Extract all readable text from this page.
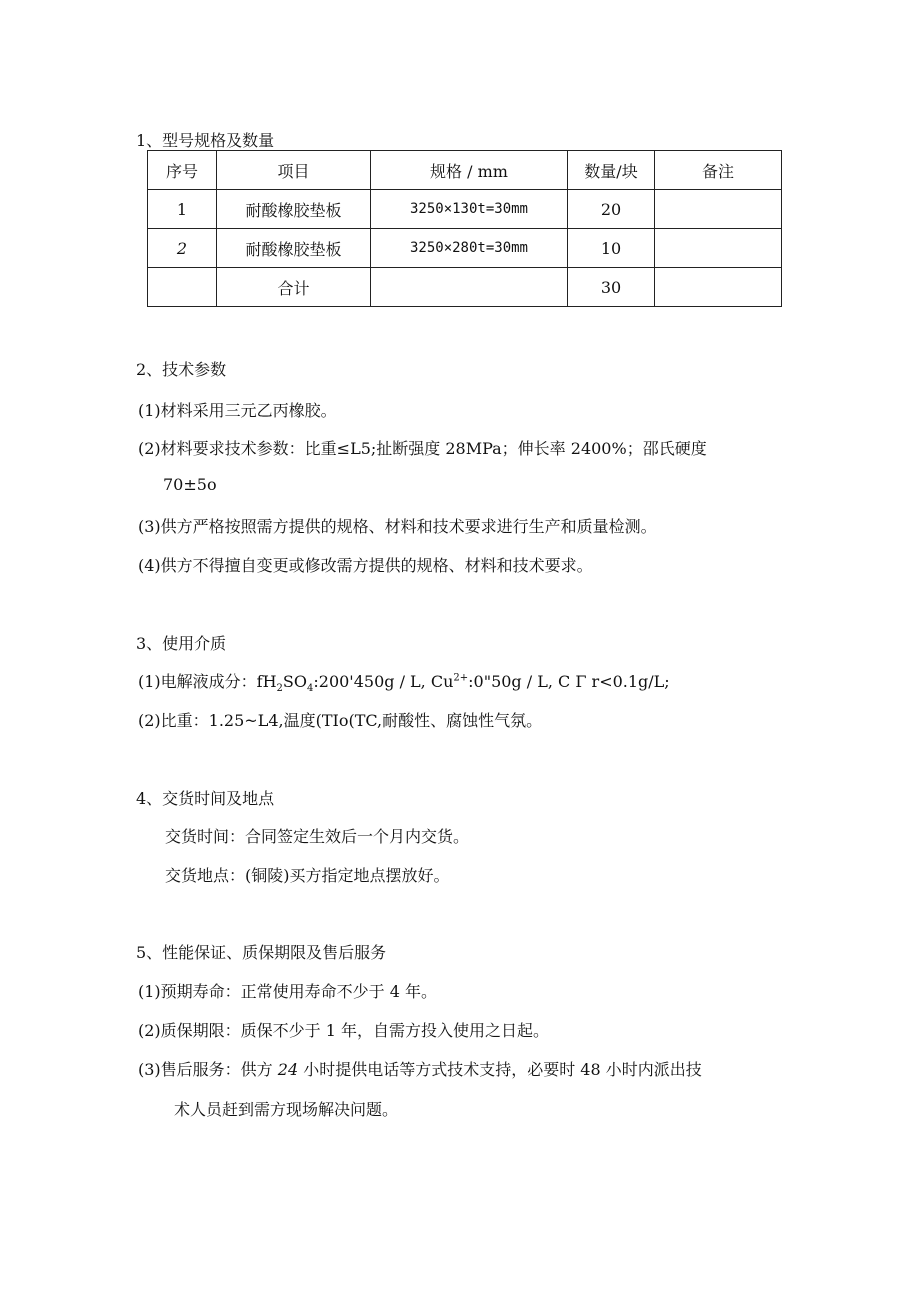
1、型号规格及数量
序号	项目	规格 / mm	数量/块	备注
1	耐酸橡胶垫板	3250×130t=30mm	20	
2	耐酸橡胶垫板	3250×280t=30mm	10	
	合计		30	
2、技术参数
(1)材料采用三元乙丙橡胶。
(2)材料要求技术参数：比重≤L5;扯断强度 28MPa；伸长率 2400%；邵氏硬度
70±5o
(3)供方严格按照需方提供的规格、材料和技术要求进行生产和质量检测。
(4)供方不得擅自变更或修改需方提供的规格、材料和技术要求。
3、使用介质
(1)电解液成分：$fH_2SO_4:200'450g$ / L, $Cu^{2+}:0"50g$ / L, C Γ r<0.1g/L;
(2)比重：1.25~L4,温度(TIo(TC,耐酸性、腐蚀性气氛。
4、交货时间及地点
交货时间：合同签定生效后一个月内交货。
交货地点：(铜陵)买方指定地点摆放好。
5、性能保证、质保期限及售后服务
(1)预期寿命：正常使用寿命不少于 4 年。
(2)质保期限：质保不少于 1 年，自需方投入使用之日起。
(3)售后服务：供方 24 小时提供电话等方式技术支持，必要时 48 小时内派出技
术人员赶到需方现场解决问题。
